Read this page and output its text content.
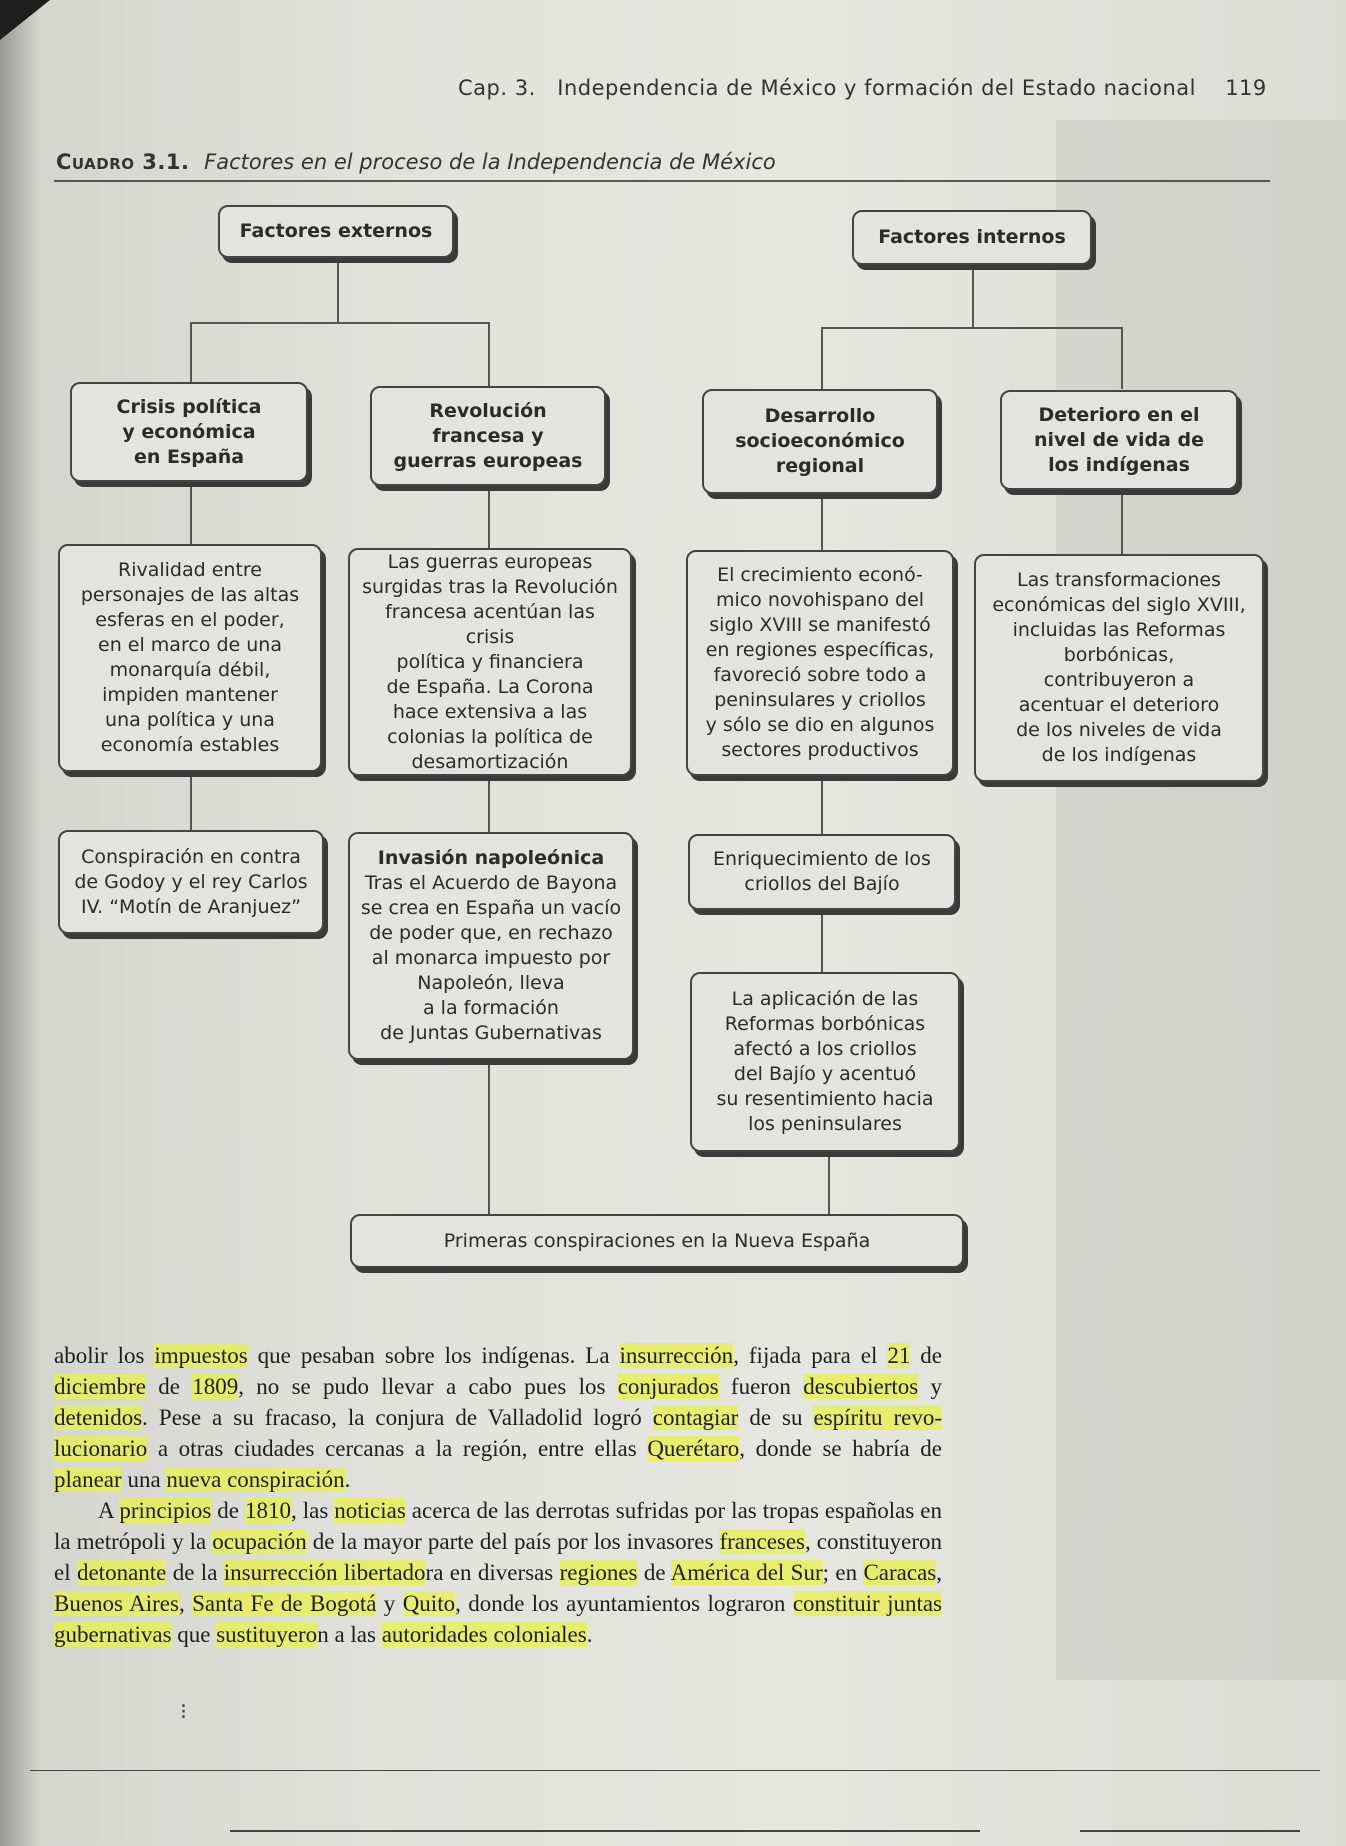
Cap. 3.   Independencia de México y formación del Estado nacional 119
Cuadro 3.1. Factores en el proceso de la Independencia de México
Factores externos	Factores internos
Crisis política
y económica
en España
Revolución
francesa y
guerras europeas
Desarrollo
socioeconómico
regional
Deterioro en el
nivel de vida de
los indígenas
Rivalidad entre
personajes de las altas
esferas en el poder,
en el marco de una
monarquía débil,
impiden mantener
una política y una
economía estables
Las guerras europeas
surgidas tras la Revolución
francesa acentúan las crisis
política y financiera
de España. La Corona
hace extensiva a las
colonias la política de
desamortización
El crecimiento econó-
mico novohispano del
siglo XVIII se manifestó
en regiones específicas,
favoreció sobre todo a
peninsulares y criollos
y sólo se dio en algunos
sectores productivos
Las transformaciones
económicas del siglo XVIII,
incluidas las Reformas
borbónicas,
contribuyeron a
acentuar el deterioro
de los niveles de vida
de los indígenas
Conspiración en contra
de Godoy y el rey Carlos
IV. “Motín de Aranjuez”
Invasión napoleónica
Tras el Acuerdo de Bayona
se crea en España un vacío
de poder que, en rechazo
al monarca impuesto por
Napoleón, lleva
a la formación
de Juntas Gubernativas
Enriquecimiento de los
criollos del Bajío
La aplicación de las
Reformas borbónicas
afectó a los criollos
del Bajío y acentuó
su resentimiento hacia
los peninsulares
Primeras conspiraciones en la Nueva España

abolir los impuestos que pesaban sobre los indígenas. La insurrección, fijada para el 21 de diciembre de 1809, no se pudo llevar a cabo pues los conjurados fueron descubiertos y detenidos. Pese a su fracaso, la conjura de Valladolid logró contagiar de su espíritu revo-lucionario a otras ciudades cercanas a la región, entre ellas Querétaro, donde se habría de planear una nueva conspiración.

A principios de 1810, las noticias acerca de las derrotas sufridas por las tropas españolas en la metrópoli y la ocupación de la mayor parte del país por los invasores franceses, constituyeron el detonante de la insurrección libertadora en diversas regiones de América del Sur; en Caracas, Buenos Aires, Santa Fe de Bogotá y Quito, donde los ayuntamientos lograron constituir juntas gubernativas que sustituyeron a las autoridades coloniales.

⁝
